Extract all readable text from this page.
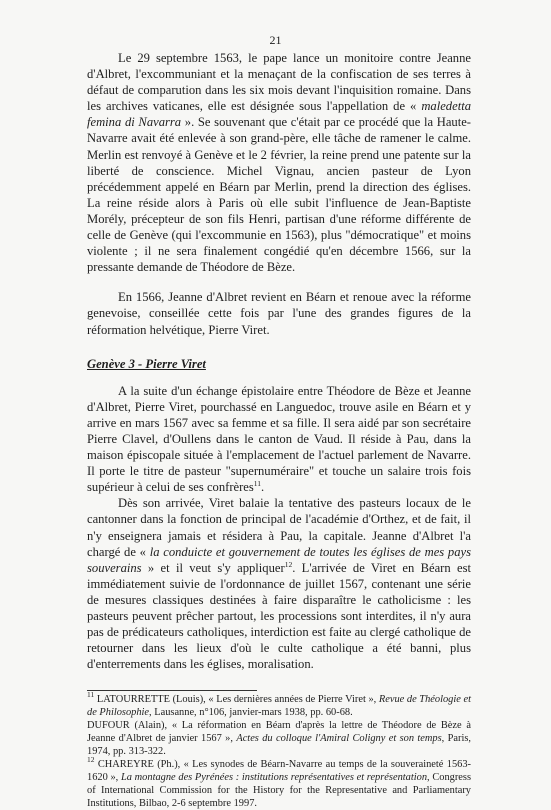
21

Le 29 septembre 1563, le pape lance un monitoire contre Jeanne d'Albret, l'excommuniant et la menaçant de la confiscation de ses terres à défaut de comparution dans les six mois devant l'inquisition romaine. Dans les archives vaticanes, elle est désignée sous l'appellation de « maledetta femina di Navarra ». Se souvenant que c'était par ce procédé que la Haute-Navarre avait été enlevée à son grand-père, elle tâche de ramener le calme. Merlin est renvoyé à Genève et le 2 février, la reine prend une patente sur la liberté de conscience. Michel Vignau, ancien pasteur de Lyon précédemment appelé en Béarn par Merlin, prend la direction des églises. La reine réside alors à Paris où elle subit l'influence de Jean-Baptiste Morély, précepteur de son fils Henri, partisan d'une réforme différente de celle de Genève (qui l'excommunie en 1563), plus "démocratique" et moins violente ; il ne sera finalement congédié qu'en décembre 1566, sur la pressante demande de Théodore de Bèze.

En 1566, Jeanne d'Albret revient en Béarn et renoue avec la réforme genevoise, conseillée cette fois par l'une des grandes figures de la réformation helvétique, Pierre Viret.

Genève 3 - Pierre Viret

A la suite d'un échange épistolaire entre Théodore de Bèze et Jeanne d'Albret, Pierre Viret, pourchassé en Languedoc, trouve asile en Béarn et y arrive en mars 1567 avec sa femme et sa fille. Il sera aidé par son secrétaire Pierre Clavel, d'Oullens dans le canton de Vaud. Il réside à Pau, dans la maison épiscopale située à l'emplacement de l'actuel parlement de Navarre. Il porte le titre de pasteur "supernuméraire" et touche un salaire trois fois supérieur à celui de ses confrères$^{11}$.

Dès son arrivée, Viret balaie la tentative des pasteurs locaux de le cantonner dans la fonction de principal de l'académie d'Orthez, et de fait, il n'y enseignera jamais et résidera à Pau, la capitale. Jeanne d'Albret l'a chargé de « la conduicte et gouvernement de toutes les églises de mes pays souverains » et il veut s'y appliquer$^{12}$. L'arrivée de Viret en Béarn est immédiatement suivie de l'ordonnance de juillet 1567, contenant une série de mesures classiques destinées à faire disparaître le catholicisme : les pasteurs peuvent prêcher partout, les processions sont interdites, il n'y aura pas de prédicateurs catholiques, interdiction est faite au clergé catholique de retourner dans les lieux d'où le culte catholique a été banni, plus d'enterrements dans les églises, moralisation.

$^{11}$ LATOURRETTE (Louis), « Les dernières années de Pierre Viret », Revue de Théologie et de Philosophie, Lausanne, n°106, janvier-mars 1938, pp. 60-68.

DUFOUR (Alain), « La réformation en Béarn d'après la lettre de Théodore de Bèze à Jeanne d'Albret de janvier 1567 », Actes du colloque l'Amiral Coligny et son temps, Paris, 1974, pp. 313-322.

$^{12}$ CHAREYRE (Ph.), « Les synodes de Béarn-Navarre au temps de la souveraineté 1563-1620 », La montagne des Pyrénées : institutions représentatives et représentation, Congress of International Commission for the History for the Representative and Parliamentary Institutions, Bilbao, 2-6 septembre 1997.
